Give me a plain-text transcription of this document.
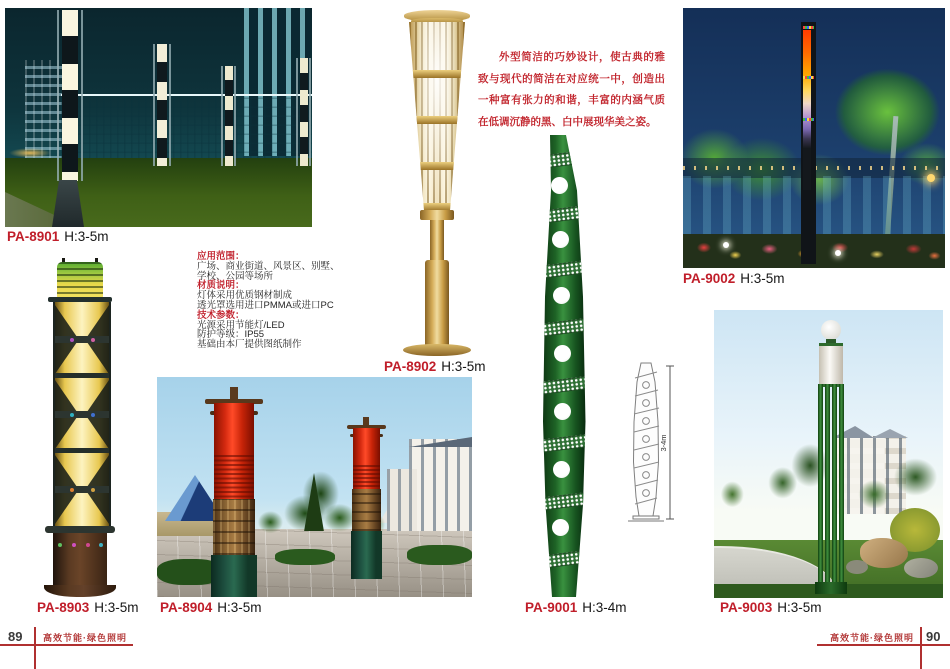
PA-8901 H:3-5m
PA-8902 H:3-5m
外型简洁的巧妙设计，使古典的雅致与现代的简洁在对应统一中，创造出一种富有张力的和谐，丰富的内涵气质在低调沉静的黑、白中展现华美之姿。
PA-9002 H:3-5m
应用范围：
广场、商业街道、风景区、别墅、
学校、公园等场所
材质说明：
灯体采用优质钢材制成
透光罩选用进口PMMA或进口PC
技术参数：
光源采用节能灯/LED
防护等级：IP55
基础由本厂提供图纸制作
PA-8903 H:3-5m PA-8904 H:3-5m	PA-9001 H:3-4m
3-4m
PA-9003 H:3-5m
89 高效节能·绿色照明	高效节能·绿色照明 90
